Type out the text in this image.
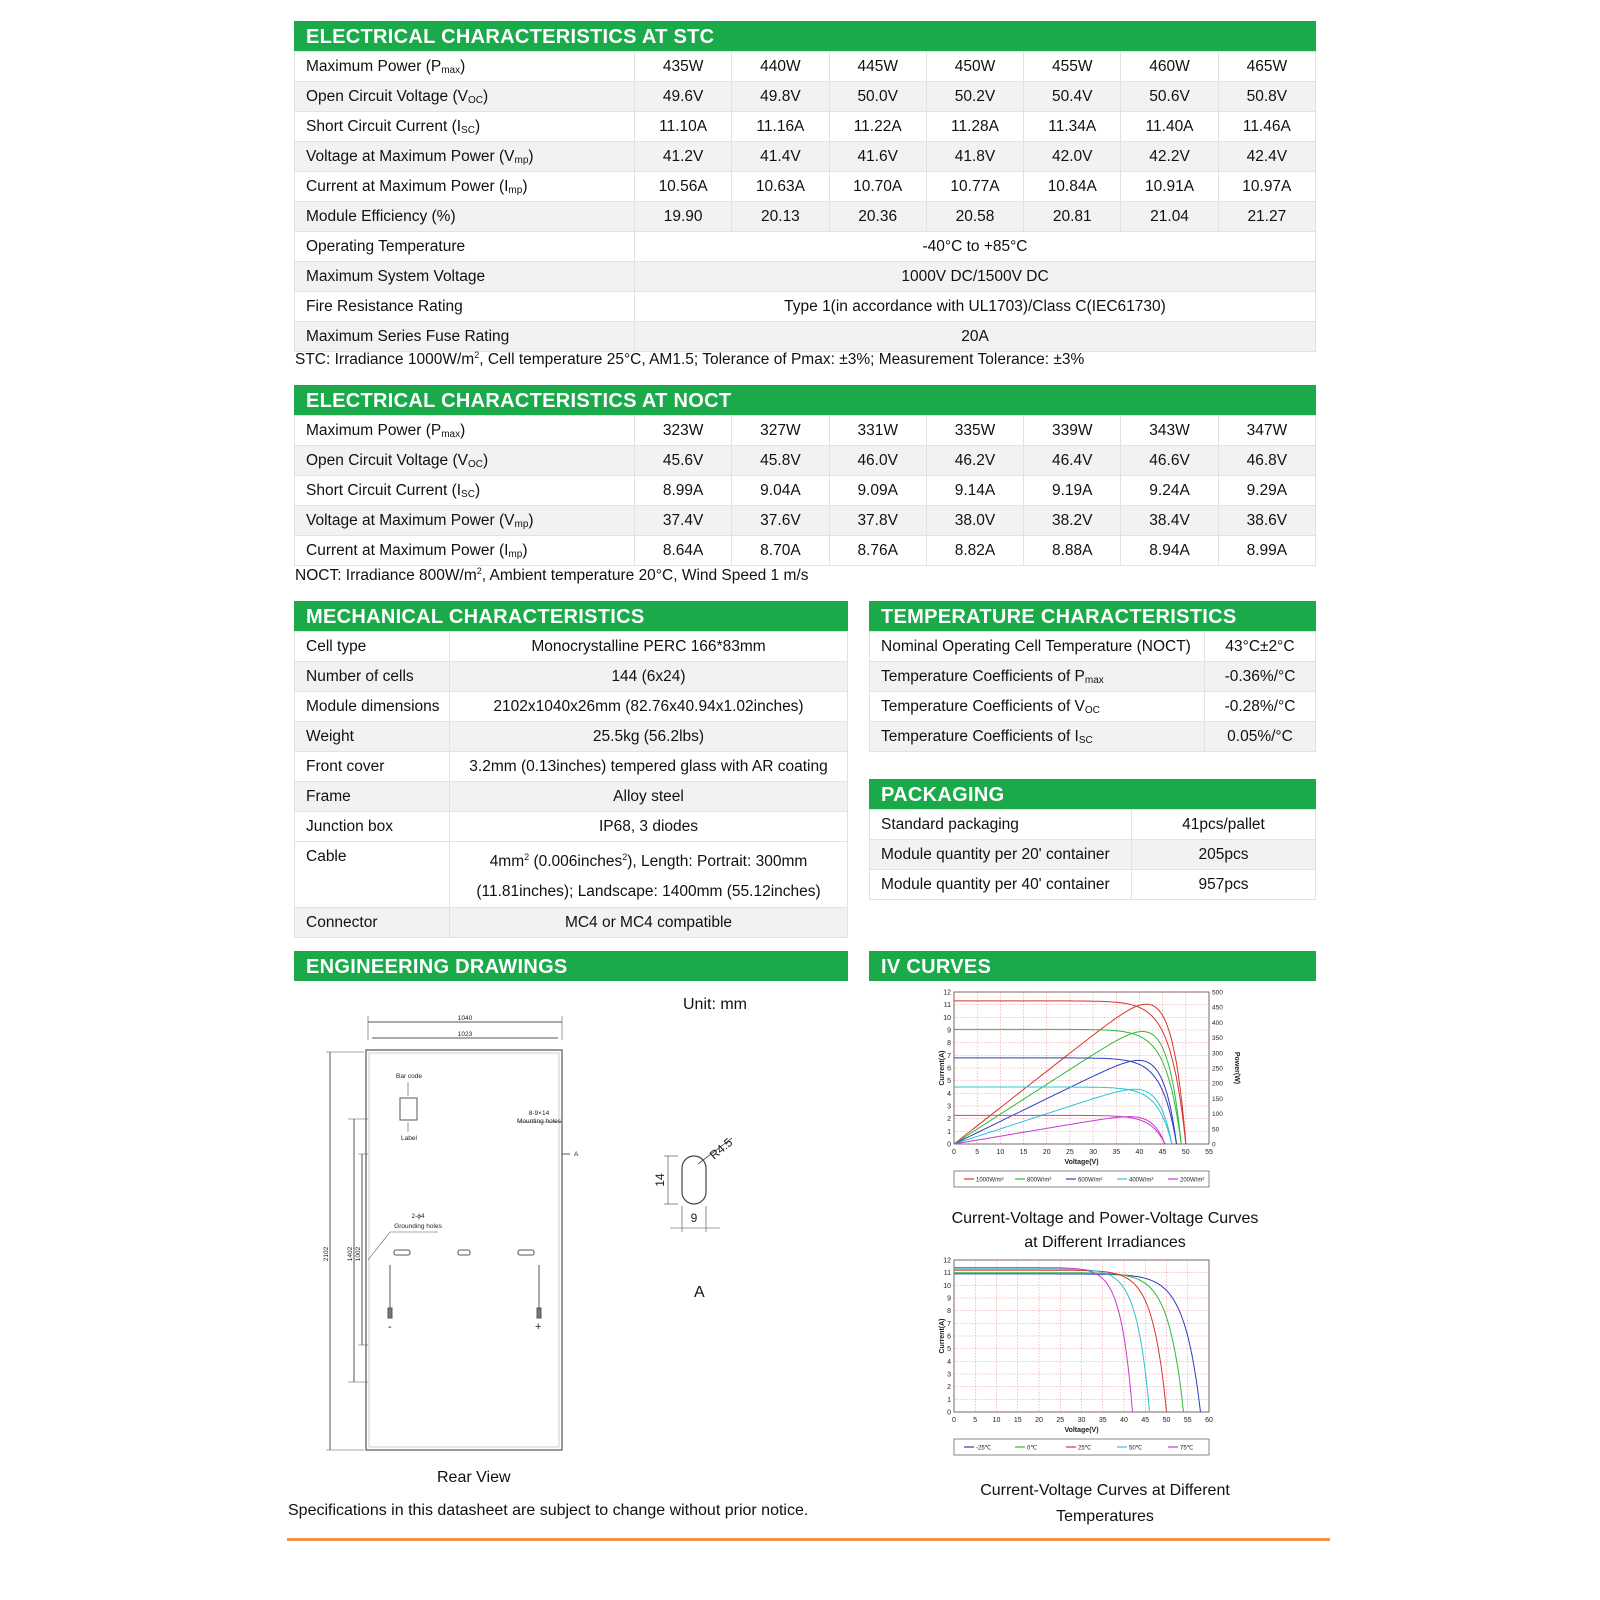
ELECTRICAL CHARACTERISTICS AT STC
Maximum Power $(P_{max})$	435W	440W	445W	450W	455W	460W	465W
Open Circuit Voltage $(V_{OC})$	49.6V	49.8V	50.0V	50.2V	50.4V	50.6V	50.8V
Short Circuit Current $(I_{SC})$	11.10A	11.16A	11.22A	11.28A	11.34A	11.40A	11.46A
Voltage at Maximum Power $(V_{mp})$	41.2V	41.4V	41.6V	41.8V	42.0V	42.2V	42.4V
Current at Maximum Power $(I_{mp})$	10.56A	10.63A	10.70A	10.77A	10.84A	10.91A	10.97A
Module Efficiency (%)	19.90	20.13	20.36	20.58	20.81	21.04	21.27
Operating Temperature	-40°C to +85°C						
Maximum System Voltage	1000V DC/1500V DC						
Fire Resistance Rating	Type 1(in accordance with UL1703)/Class C(IEC61730)						
Maximum Series Fuse Rating	20A						
STC: Irradiance $1000W/m^2$, Cell temperature 25°C, AM1.5; Tolerance of Pmax: ±3%; Measurement Tolerance: ±3%
ELECTRICAL CHARACTERISTICS AT NOCT
Maximum Power $(P_{max})$	323W	327W	331W	335W	339W	343W	347W
Open Circuit Voltage $(V_{OC})$	45.6V	45.8V	46.0V	46.2V	46.4V	46.6V	46.8V
Short Circuit Current $(I_{SC})$	8.99A	9.04A	9.09A	9.14A	9.19A	9.24A	9.29A
Voltage at Maximum Power $(V_{mp})$	37.4V	37.6V	37.8V	38.0V	38.2V	38.4V	38.6V
Current at Maximum Power $(I_{mp})$	8.64A	8.70A	8.76A	8.82A	8.88A	8.94A	8.99A
NOCT: Irradiance $800W/m^2$, Ambient temperature 20°C, Wind Speed 1 m/s
MECHANICAL CHARACTERISTICS
Cell type	Monocrystalline PERC 166*83mm
Number of cells	144 (6x24)
Module dimensions	2102x1040x26mm (82.76x40.94x1.02inches)
Weight	25.5kg (56.2lbs)
Front cover	3.2mm (0.13inches) tempered glass with AR coating
Frame	Alloy steel
Junction box	IP68, 3 diodes
Cable	$4mm^2$ (0.006inches$^2$), Length: Portrait: 300mm
(11.81inches); Landscape: 1400mm (55.12inches)
Connector	MC4 or MC4 compatible
TEMPERATURE CHARACTERISTICS
Nominal Operating Cell Temperature (NOCT)	43°C±2°C
Temperature Coefficients of $P_{max}$	-0.36%/°C
Temperature Coefficients of $V_{OC}$	-0.28%/°C
Temperature Coefficients of $I_{SC}$	0.05%/°C
PACKAGING
Standard packaging	41pcs/pallet
Module quantity per 20' container	205pcs
Module quantity per 40' container	957pcs
ENGINEERING DRAWINGS
Unit: mm
1040
1023
2102	1402 1002
Bar code
Label
8-9×14
Mounting holes
2-ϕ4
Grounding holes
A
-	+
R4.5
14
9
A
Rear View
Specifications in this datasheet are subject to change without prior notice.
IV CURVES
0	5 10 15 20 25 30 35 40 45 50 55
0
1
2
3
4
5
6
7
8
9
10
11
12
0
50
100
150
200
250
300
350
400
450
500
Power(W)
Voltage(V)
Current(A)
1000W/m²	800W/m²	600W/m²	400W/m²	200W/m²
Current-Voltage and Power-Voltage Curves
at Different Irradiances
0 5 10 15 20 25 30 35 40 45 50 55 60
0
1
2
3
4
5
6
7
8
9
10
11
12
Voltage(V)
Current(A)
-25℃	0℃	25℃	50℃	75℃
Current-Voltage Curves at Different
Temperatures
